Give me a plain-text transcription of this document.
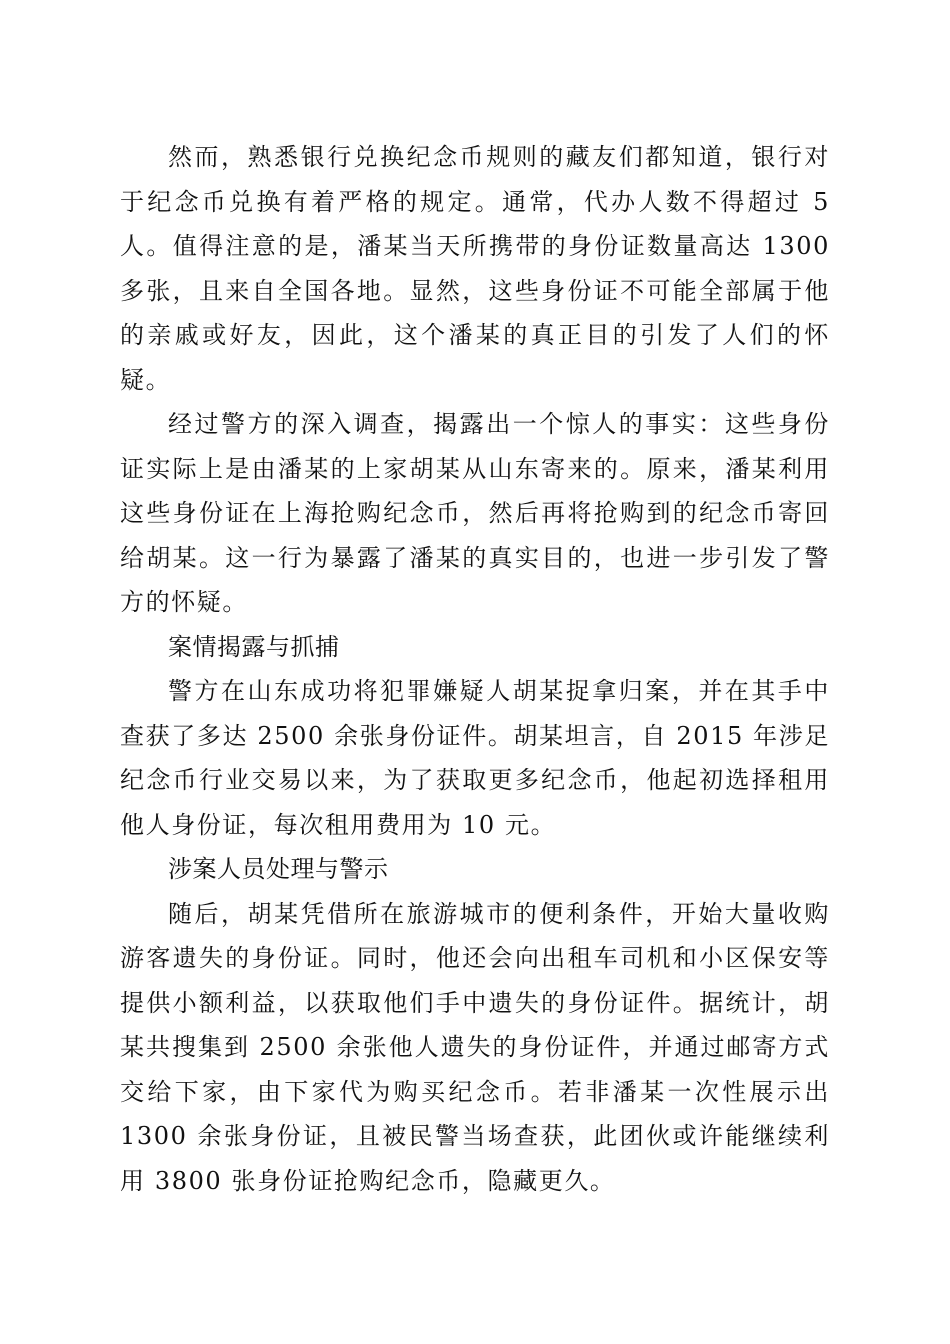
然而，熟悉银行兑换纪念币规则的藏友们都知道，银行对于纪念币兑换有着严格的规定。通常，代办人数不得超过 5 人。值得注意的是，潘某当天所携带的身份证数量高达 1300 多张，且来自全国各地。显然，这些身份证不可能全部属于他的亲戚或好友，因此，这个潘某的真正目的引发了人们的怀疑。

经过警方的深入调查，揭露出一个惊人的事实：这些身份证实际上是由潘某的上家胡某从山东寄来的。原来，潘某利用这些身份证在上海抢购纪念币，然后再将抢购到的纪念币寄回给胡某。这一行为暴露了潘某的真实目的，也进一步引发了警方的怀疑。

案情揭露与抓捕

警方在山东成功将犯罪嫌疑人胡某捉拿归案，并在其手中查获了多达 2500 余张身份证件。胡某坦言，自 2015 年涉足纪念币行业交易以来，为了获取更多纪念币，他起初选择租用他人身份证，每次租用费用为 10 元。

涉案人员处理与警示

随后，胡某凭借所在旅游城市的便利条件，开始大量收购游客遗失的身份证。同时，他还会向出租车司机和小区保安等提供小额利益，以获取他们手中遗失的身份证件。据统计，胡某共搜集到 2500 余张他人遗失的身份证件，并通过邮寄方式交给下家，由下家代为购买纪念币。若非潘某一次性展示出 1300 余张身份证，且被民警当场查获，此团伙或许能继续利用 3800 张身份证抢购纪念币，隐藏更久。
